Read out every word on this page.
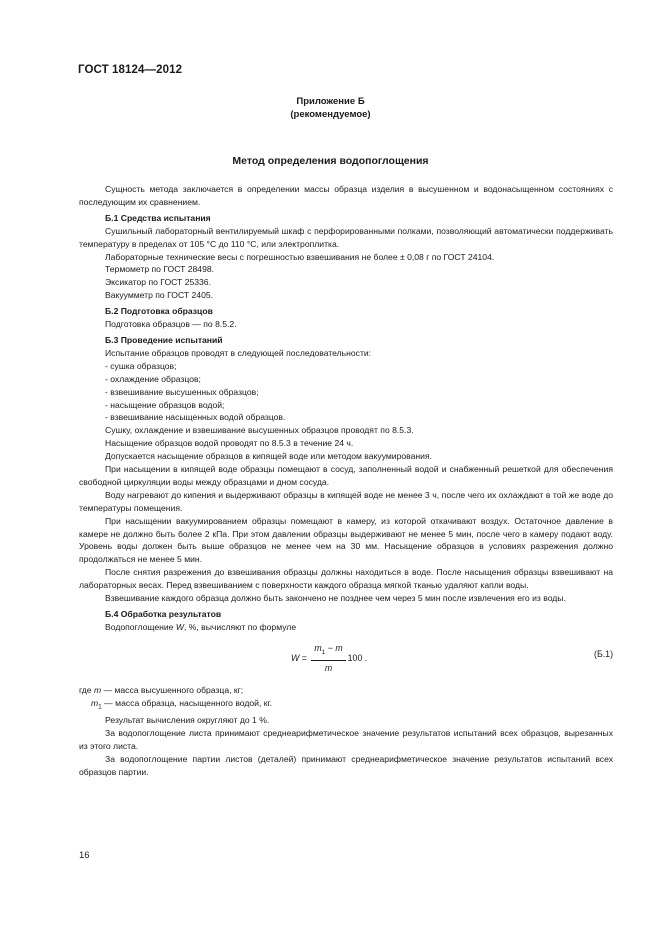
ГОСТ 18124—2012
Приложение Б
(рекомендуемое)
Метод определения водопоглощения

Сущность метода заключается в определении массы образца изделия в высушенном и водонасыщенном состояниях с последующим их сравнением.

Б.1 Средства испытания

Сушильный лабораторный вентилируемый шкаф с перфорированными полками, позволяющий автоматически поддерживать температуру в пределах от 105 °С до 110 °С, или электроплитка.

Лабораторные технические весы с погрешностью взвешивания не более ± 0,08 г по ГОСТ 24104.

Термометр по ГОСТ 28498.

Эксикатор по ГОСТ 25336.

Вакуумметр по ГОСТ 2405.

Б.2 Подготовка образцов

Подготовка образцов — по 8.5.2.

Б.3 Проведение испытаний

Испытание образцов проводят в следующей последовательности:

- сушка образцов;

- охлаждение образцов;

- взвешивание высушенных образцов;

- насыщение образцов водой;

- взвешивание насыщенных водой образцов.

Сушку, охлаждение и взвешивание высушенных образцов проводят по 8.5.3.

Насыщение образцов водой проводят по 8.5.3 в течение 24 ч.

Допускается насыщение образцов в кипящей воде или методом вакуумирования.

При насыщении в кипящей воде образцы помещают в сосуд, заполненный водой и снабженный решеткой для обеспечения свободной циркуляции воды между образцами и дном сосуда.

Воду нагревают до кипения и выдерживают образцы в кипящей воде не менее 3 ч, после чего их охлаждают в той же воде до температуры помещения.

При насыщении вакуумированием образцы помещают в камеру, из которой откачивают воздух. Остаточное давление в камере не должно быть более 2 кПа. При этом давлении образцы выдерживают не менее 5 мин, после чего в камеру подают воду. Уровень воды должен быть выше образцов не менее чем на 30 мм. Насыщение образцов в условиях разрежения должно продолжаться не менее 5 мин.

После снятия разрежения до взвешивания образцы должны находиться в воде. После насыщения образцы взвешивают на лабораторных весах. Перед взвешиванием с поверхности каждого образца мягкой тканью удаляют капли воды.

Взвешивание каждого образца должно быть закончено не позднее чем через 5 мин после извлечения его из воды.

Б.4 Обработка результатов

Водопоглощение W, %, вычисляют по формуле

$W = \frac{m_1 - m}{m} 100$ .	(Б.1)

где m — масса высушенного образца, кг;

$m_1$ — масса образца, насыщенного водой, кг.

Результат вычисления округляют до 1 %.

За водопоглощение листа принимают среднеарифметическое значение результатов испытаний всех образцов, вырезанных из этого листа.

За водопоглощение партии листов (деталей) принимают среднеарифметическое значение результатов испытаний всех образцов партии.

16
